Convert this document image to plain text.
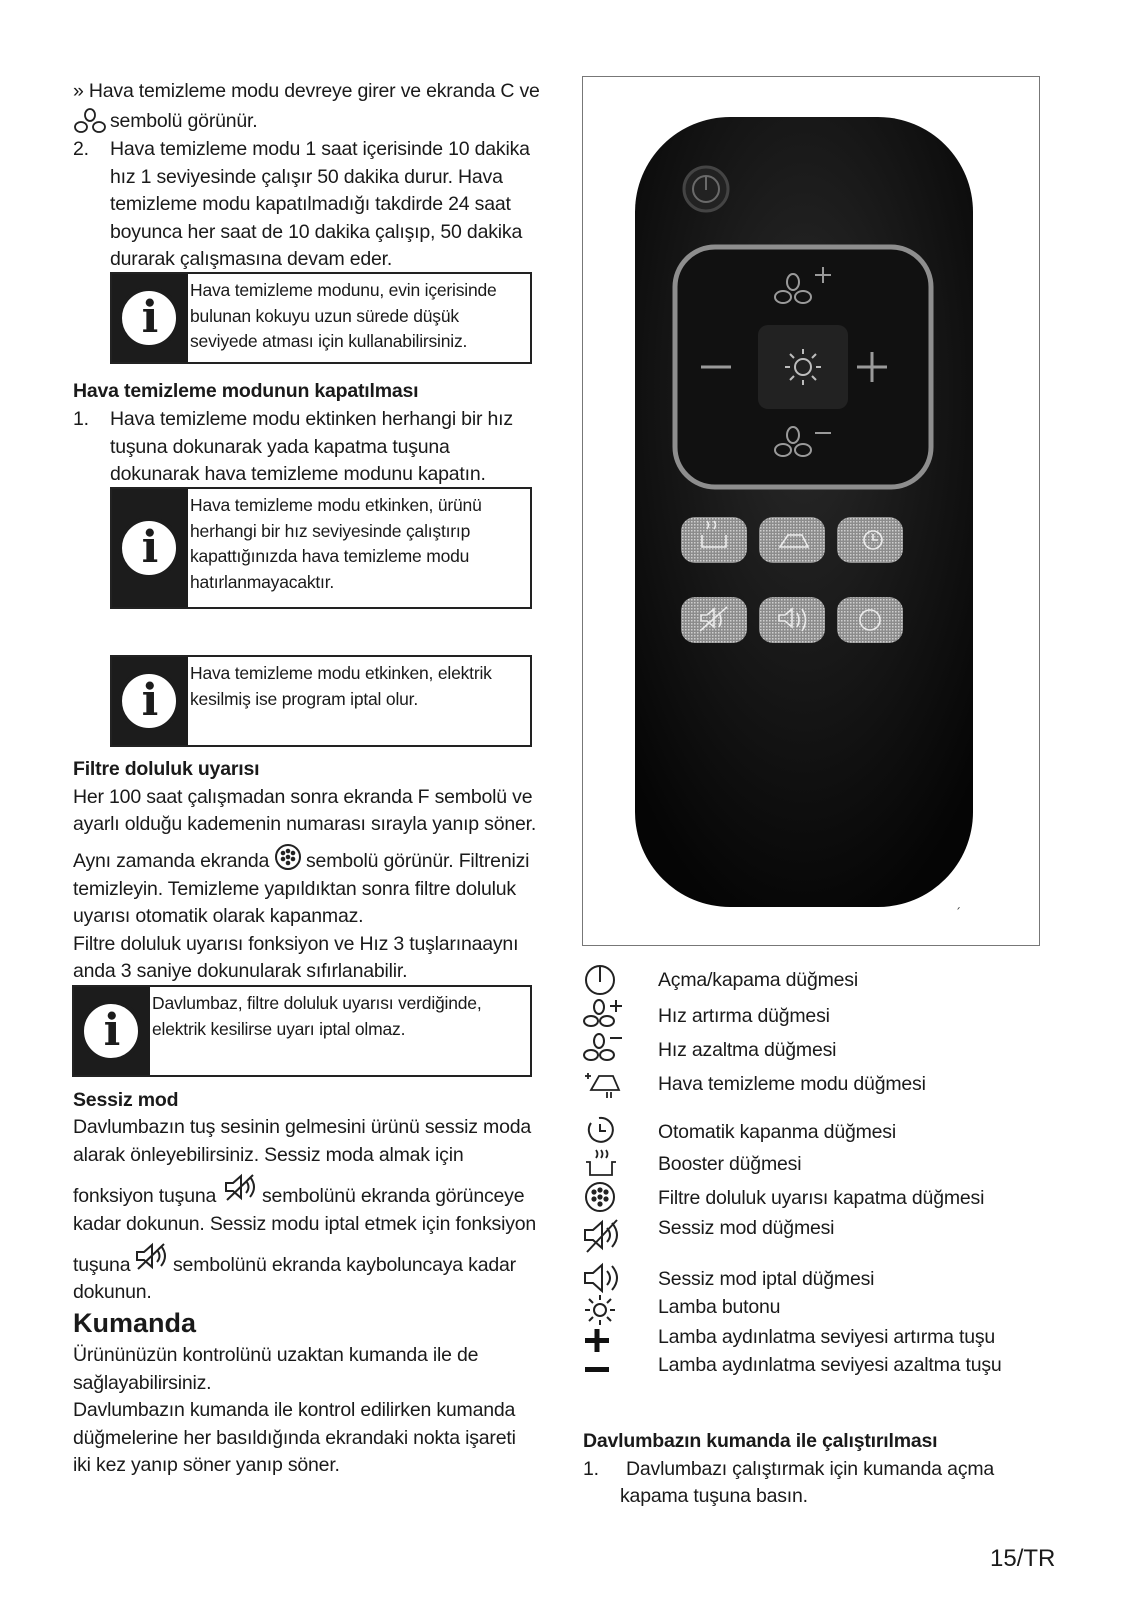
» Hava temizleme modu devreye girer ve ekranda C ve
sembolü görünür.
2.	Hava temizleme modu 1 saat içerisinde 10 dakika
hız 1 seviyesinde çalışır 50 dakika durur. Hava
temizleme modu kapatılmadığı takdirde 24 saat
boyunca her saat de 10 dakika çalışıp, 50 dakika
durarak çalışmasına devam eder.
i
Hava temizleme modunu, evin içerisinde
bulunan kokuyu uzun sürede düşük
seviyede atması için kullanabilirsiniz.
Hava temizleme modunun kapatılması
1.	Hava temizleme modu ektinken herhangi bir hız
tuşuna dokunarak yada kapatma tuşuna
dokunarak hava temizleme modunu kapatın.
i
Hava temizleme modu etkinken, ürünü
herhangi bir hız seviyesinde çalıştırıp
kapattığınızda hava temizleme modu
hatırlanmayacaktır.
i
Hava temizleme modu etkinken, elektrik
kesilmiş ise program iptal olur.
Filtre doluluk uyarısı
Her 100 saat çalışmadan sonra ekranda F sembolü ve
ayarlı olduğu kademenin numarası sırayla yanıp söner.
Aynı zamanda ekranda sembolü görünür. Filtrenizi
temizleyin. Temizleme yapıldıktan sonra filtre doluluk
uyarısı otomatik olarak kapanmaz.
Filtre doluluk uyarısı fonksiyon ve Hız 3 tuşlarınaaynı
anda 3 saniye dokunularak sıfırlanabilir.
i
Davlumbaz, filtre doluluk uyarısı verdiğinde,
elektrik kesilirse uyarı iptal olmaz.
Sessiz mod
Davlumbazın tuş sesinin gelmesini ürünü sessiz moda
alarak önleyebilirsiniz. Sessiz moda almak için
fonksiyon tuşuna sembolünü ekranda görünceye
kadar dokunun. Sessiz modu iptal etmek için fonksiyon
tuşuna sembolünü ekranda kayboluncaya kadar
dokunun.
Kumanda
Ürününüzün kontrolünü uzaktan kumanda ile de
sağlayabilirsiniz.
Davlumbazın kumanda ile kontrol edilirken kumanda
düğmelerine her basıldığında ekrandaki nokta işareti
iki kez yanıp söner yanıp söner.
´
Açma/kapama düğmesi
Hız artırma düğmesi
Hız azaltma düğmesi
Hava temizleme modu düğmesi
Otomatik kapanma düğmesi
Booster düğmesi
Filtre doluluk uyarısı kapatma düğmesi
Sessiz mod düğmesi
Sessiz mod iptal düğmesi
Lamba butonu
Lamba aydınlatma seviyesi artırma tuşu
Lamba aydınlatma seviyesi azaltma tuşu
Davlumbazın kumanda ile çalıştırılması
1.	Davlumbazı çalıştırmak için kumanda açma
kapama tuşuna basın.
15/TR
